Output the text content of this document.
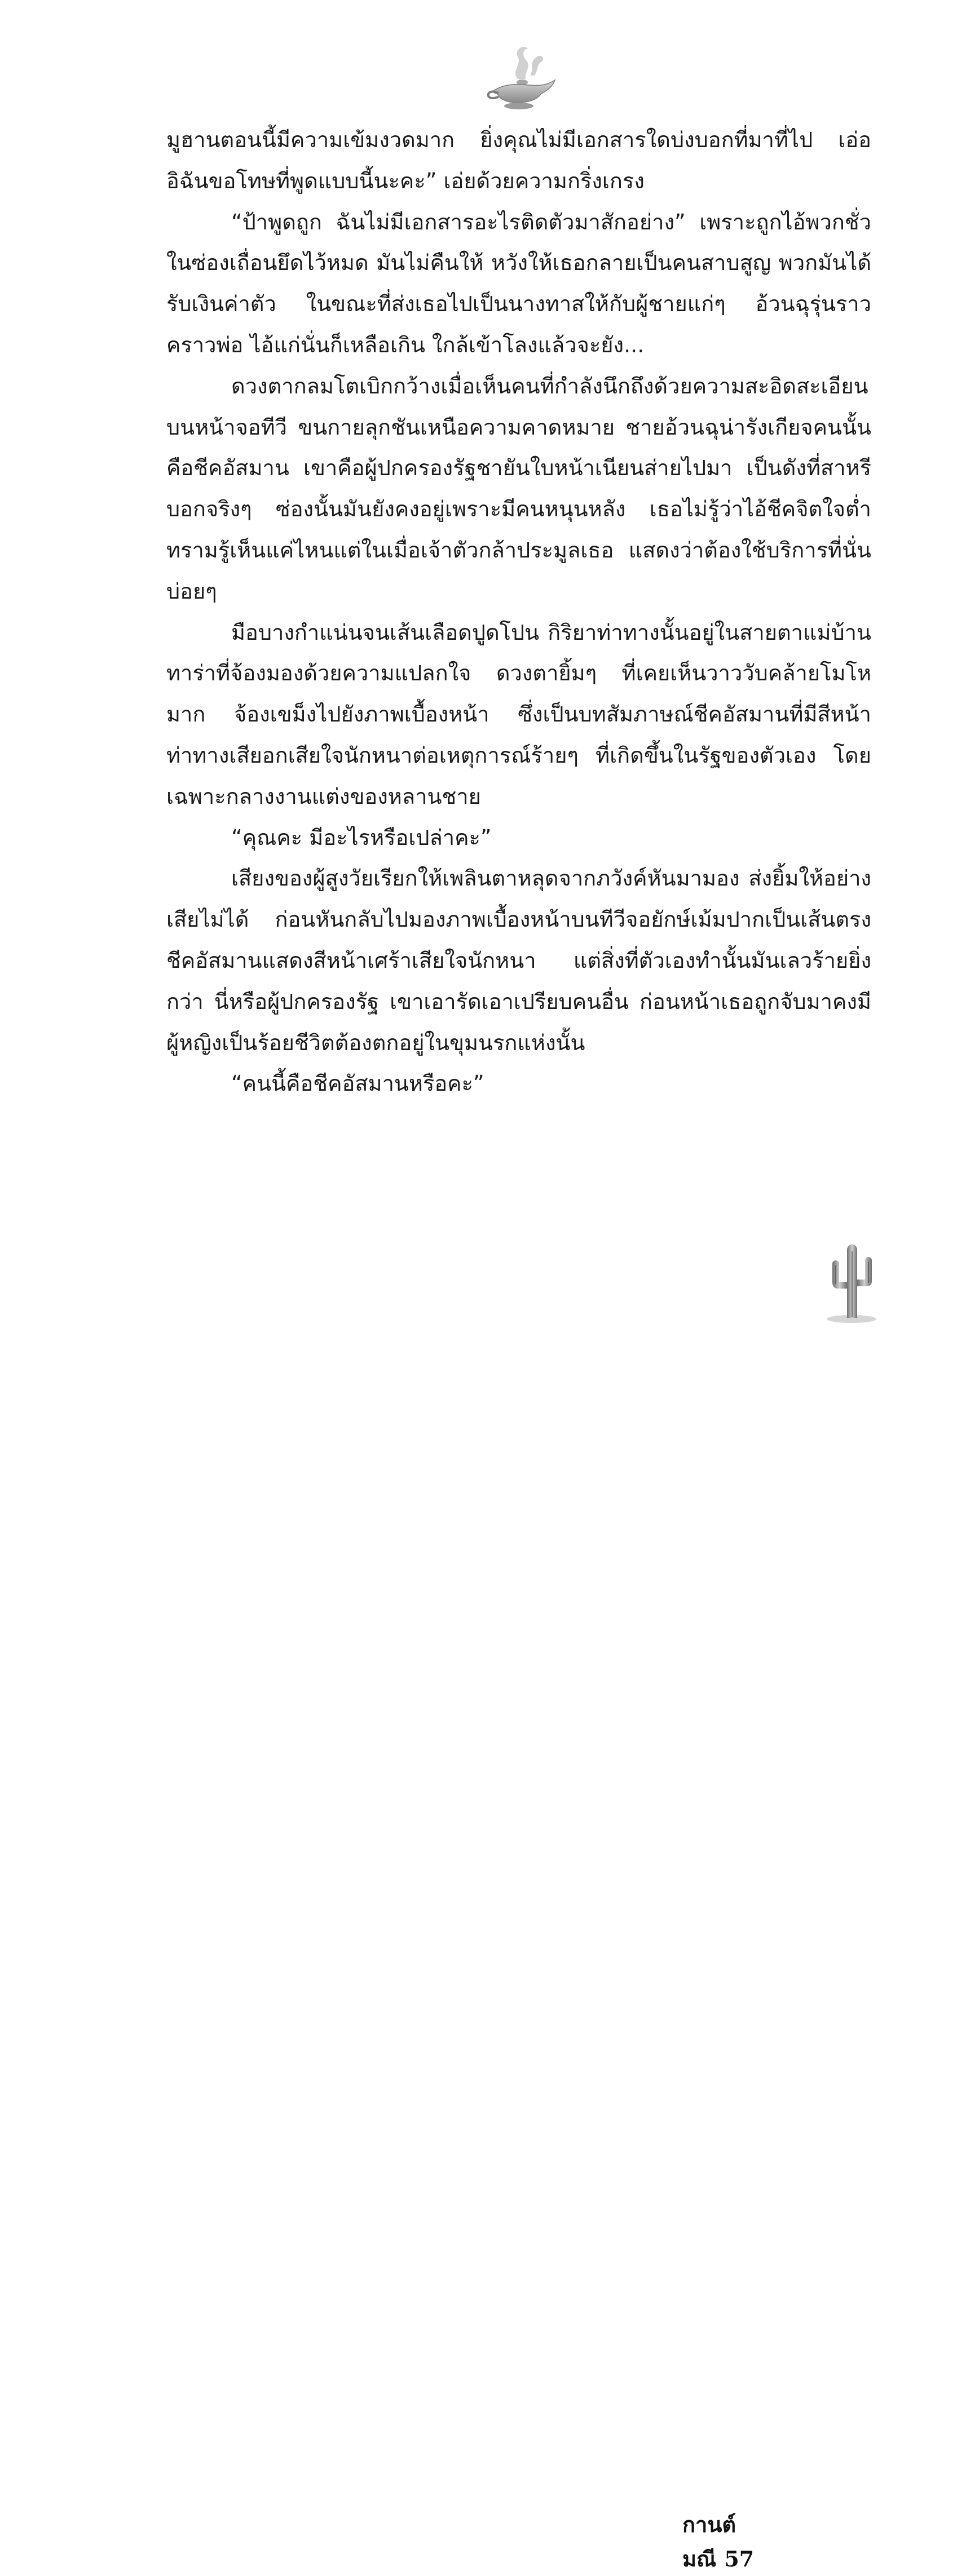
มูฮานตอนนี้มีความเข้มงวดมาก ยิ่งคุณไม่มีเอกสารใดบ่งบอกที่มาที่ไป เอ่อ อิฉันขอโทษที่พูดแบบนี้นะคะ” เอ่ยด้วยความกริ่งเกรง

“ป้าพูดถูก ฉันไม่มีเอกสารอะไรติดตัวมาสักอย่าง” เพราะถูกไอ้พวกชั่วในซ่องเถื่อนยึดไว้หมด มันไม่คืนให้ หวังให้เธอกลายเป็นคนสาบสูญ พวกมันได้รับเงินค่าตัว ในขณะที่ส่งเธอไปเป็นนางทาสให้กับผู้ชายแก่ๆ อ้วนฉุรุ่นราวคราวพ่อ ไอ้แก่นั่นก็เหลือเกิน ใกล้เข้าโลงแล้วจะยัง...

ดวงตากลมโตเบิกกว้างเมื่อเห็นคนที่กำลังนึกถึงด้วยความสะอิดสะเอียนบนหน้าจอทีวี ขนกายลุกชันเหนือความคาดหมาย ชายอ้วนฉุน่ารังเกียจคนนั้นคือชีคอัสมาน เขาคือผู้ปกครองรัฐชายันใบหน้าเนียนส่ายไปมา เป็นดังที่สาหรีบอกจริงๆ ซ่องนั้นมันยังคงอยู่เพราะมีคนหนุนหลัง เธอไม่รู้ว่าไอ้ชีคจิตใจต่ำทรามรู้เห็นแค่ไหนแต่ในเมื่อเจ้าตัวกล้าประมูลเธอ แสดงว่าต้องใช้บริการที่นั่นบ่อยๆ

มือบางกำแน่นจนเส้นเลือดปูดโปน กิริยาท่าทางนั้นอยู่ในสายตาแม่บ้านทาร่าที่จ้องมองด้วยความแปลกใจ ดวงตายิ้มๆ ที่เคยเห็นวาววับคล้ายโมโหมาก จ้องเขม็งไปยังภาพเบื้องหน้า ซึ่งเป็นบทสัมภาษณ์ชีคอัสมานที่มีสีหน้าท่าทางเสียอกเสียใจนักหนาต่อเหตุการณ์ร้ายๆ ที่เกิดขึ้นในรัฐของตัวเอง โดยเฉพาะกลางงานแต่งของหลานชาย

“คุณคะ มีอะไรหรือเปล่าคะ”

เสียงของผู้สูงวัยเรียกให้เพลินตาหลุดจากภวังค์หันมามอง ส่งยิ้มให้อย่างเสียไม่ได้ ก่อนหันกลับไปมองภาพเบื้องหน้าบนทีวีจอยักษ์เม้มปากเป็นเส้นตรง ชีคอัสมานแสดงสีหน้าเศร้าเสียใจนักหนา แต่สิ่งที่ตัวเองทำนั้นมันเลวร้ายยิ่งกว่า นี่หรือผู้ปกครองรัฐ เขาเอารัดเอาเปรียบคนอื่น ก่อนหน้าเธอถูกจับมาคงมีผู้หญิงเป็นร้อยชีวิตต้องตกอยู่ในขุมนรกแห่งนั้น

“คนนี้คือชีคอัสมานหรือคะ”

กานต์มณี 57
